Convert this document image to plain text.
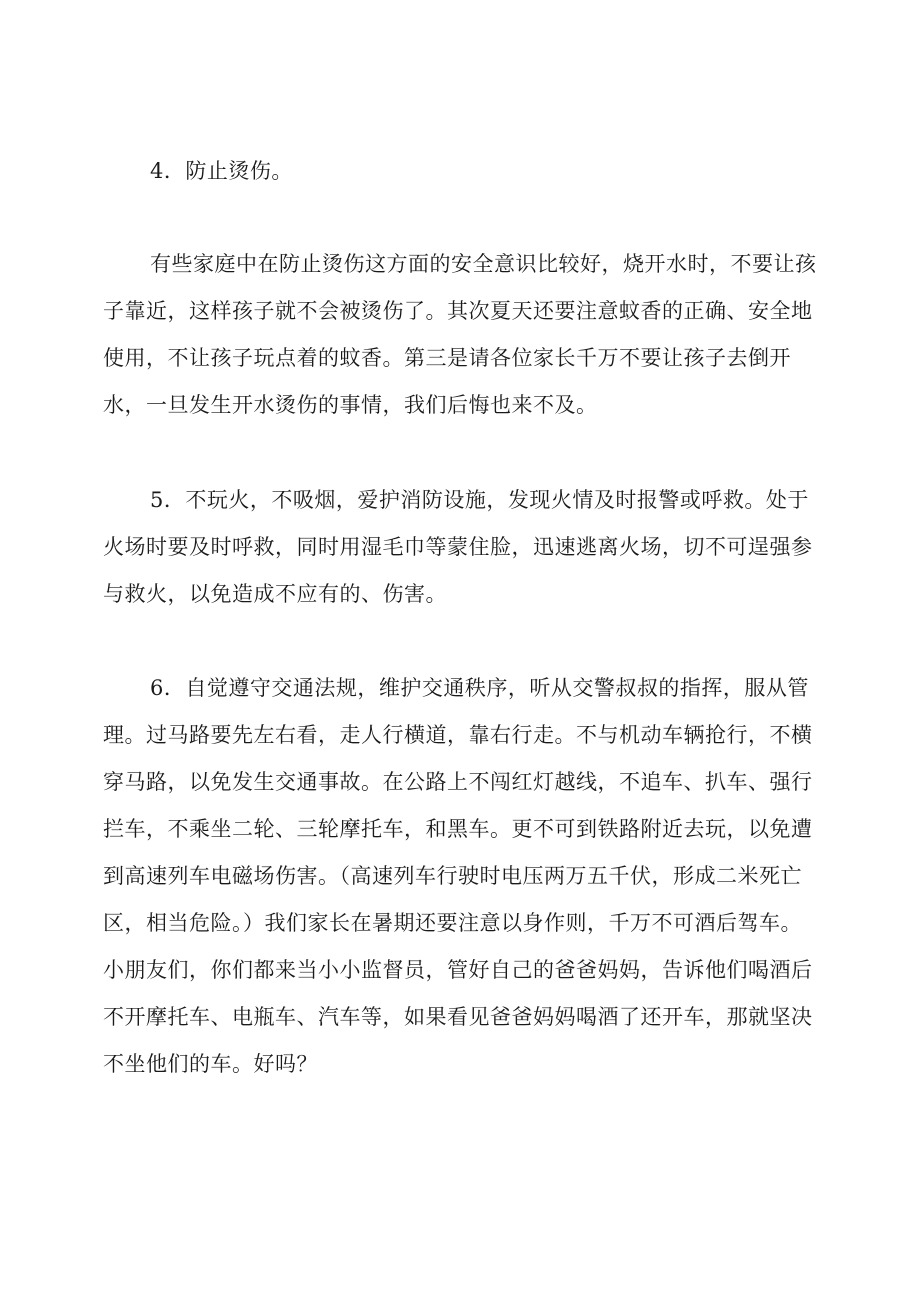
4．防止烫伤。

有些家庭中在防止烫伤这方面的安全意识比较好，烧开水时，不要让孩

子靠近，这样孩子就不会被烫伤了。其次夏天还要注意蚊香的正确、安全地

使用，不让孩子玩点着的蚊香。第三是请各位家长千万不要让孩子去倒开

水，一旦发生开水烫伤的事情，我们后悔也来不及。

5．不玩火，不吸烟，爱护消防设施，发现火情及时报警或呼救。处于

火场时要及时呼救，同时用湿毛巾等蒙住脸，迅速逃离火场，切不可逞强参

与救火，以免造成不应有的、伤害。

6．自觉遵守交通法规，维护交通秩序，听从交警叔叔的指挥，服从管

理。过马路要先左右看，走人行横道，靠右行走。不与机动车辆抢行，不横

穿马路，以免发生交通事故。在公路上不闯红灯越线，不追车、扒车、强行

拦车，不乘坐二轮、三轮摩托车，和黑车。更不可到铁路附近去玩，以免遭

到高速列车电磁场伤害。（高速列车行驶时电压两万五千伏，形成二米死亡

区，相当危险。）我们家长在暑期还要注意以身作则，千万不可酒后驾车。

小朋友们，你们都来当小小监督员，管好自己的爸爸妈妈，告诉他们喝酒后

不开摩托车、电瓶车、汽车等，如果看见爸爸妈妈喝酒了还开车，那就坚决

不坐他们的车。好吗？
